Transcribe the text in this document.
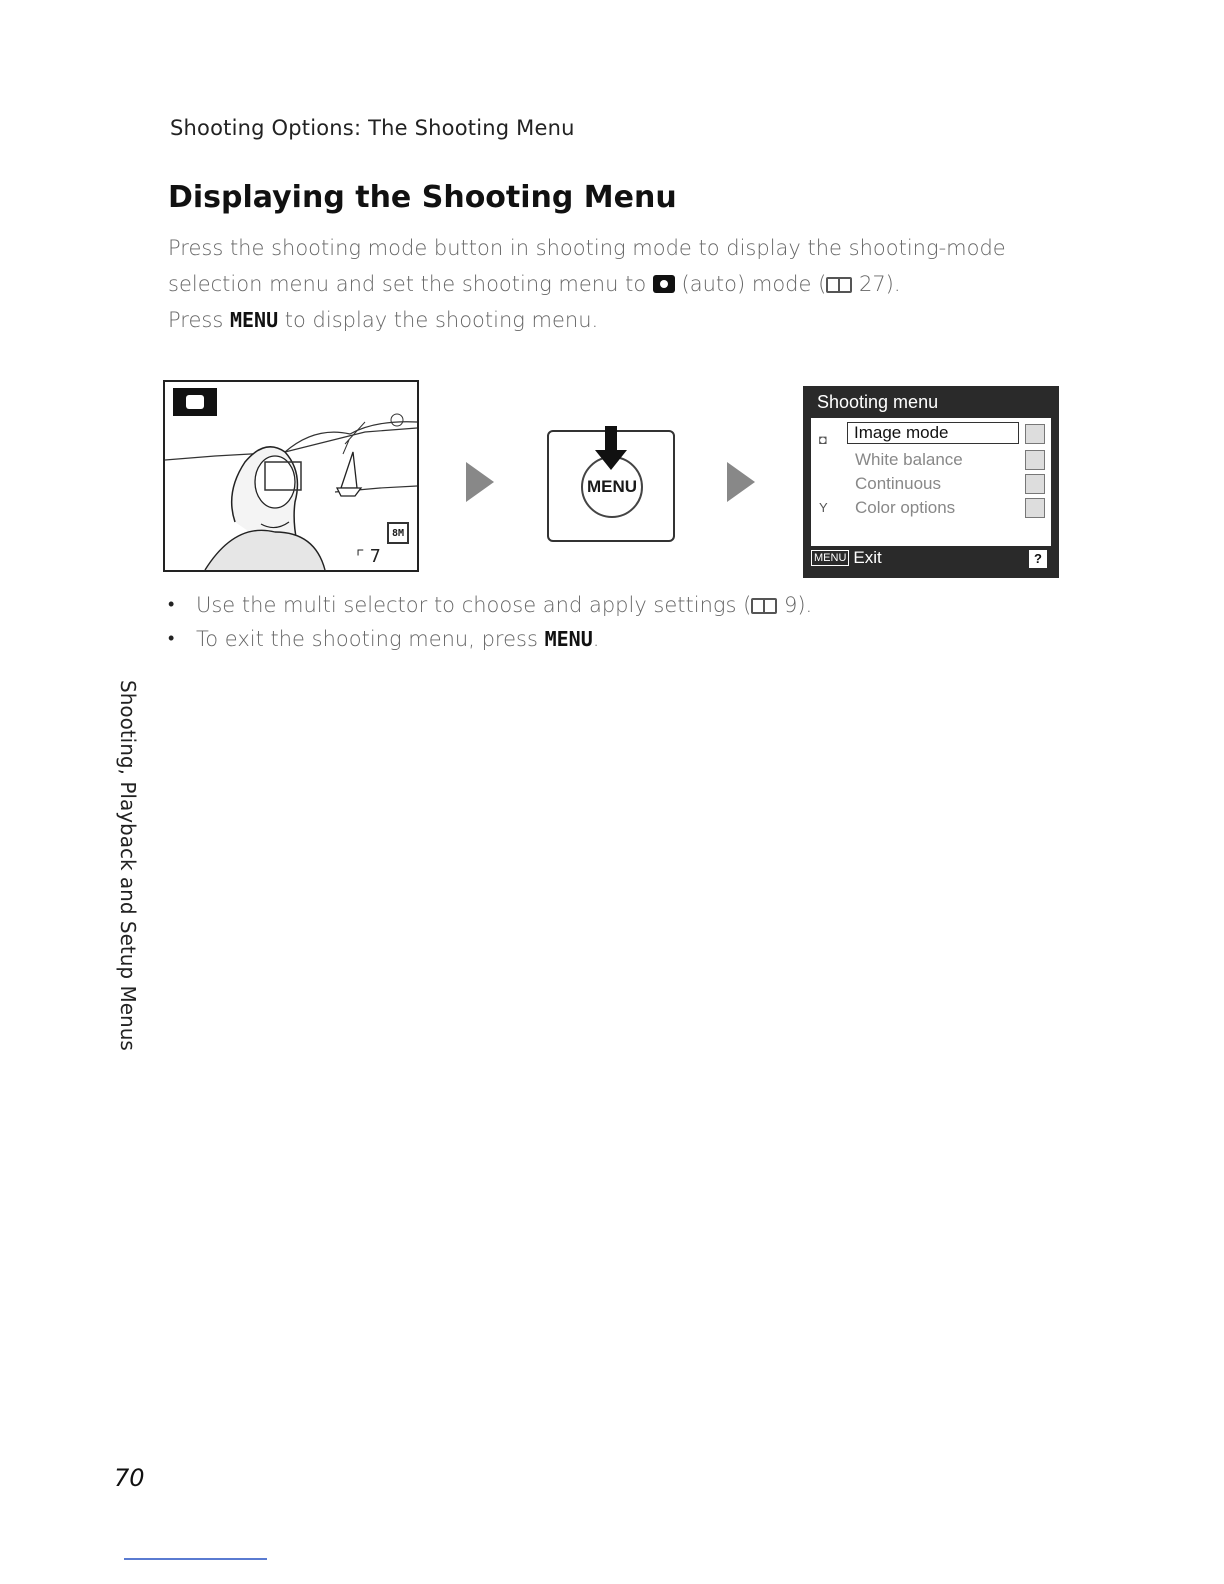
Shooting Options: The Shooting Menu
Displaying the Shooting Menu

Press the shooting mode button in shooting mode to display the shooting-mode selection menu and set the shooting menu to  (auto) mode ( 27).

Press MENU to display the shooting menu.

8M
⌜7
MENU
Shooting menu
◘
Y
Image mode
White balance
Continuous
Color options
MENU Exit	?
• Use the multi selector to choose and apply settings ( 9).
• To exit the shooting menu, press MENU.
Shooting, Playback and Setup Menus
70
